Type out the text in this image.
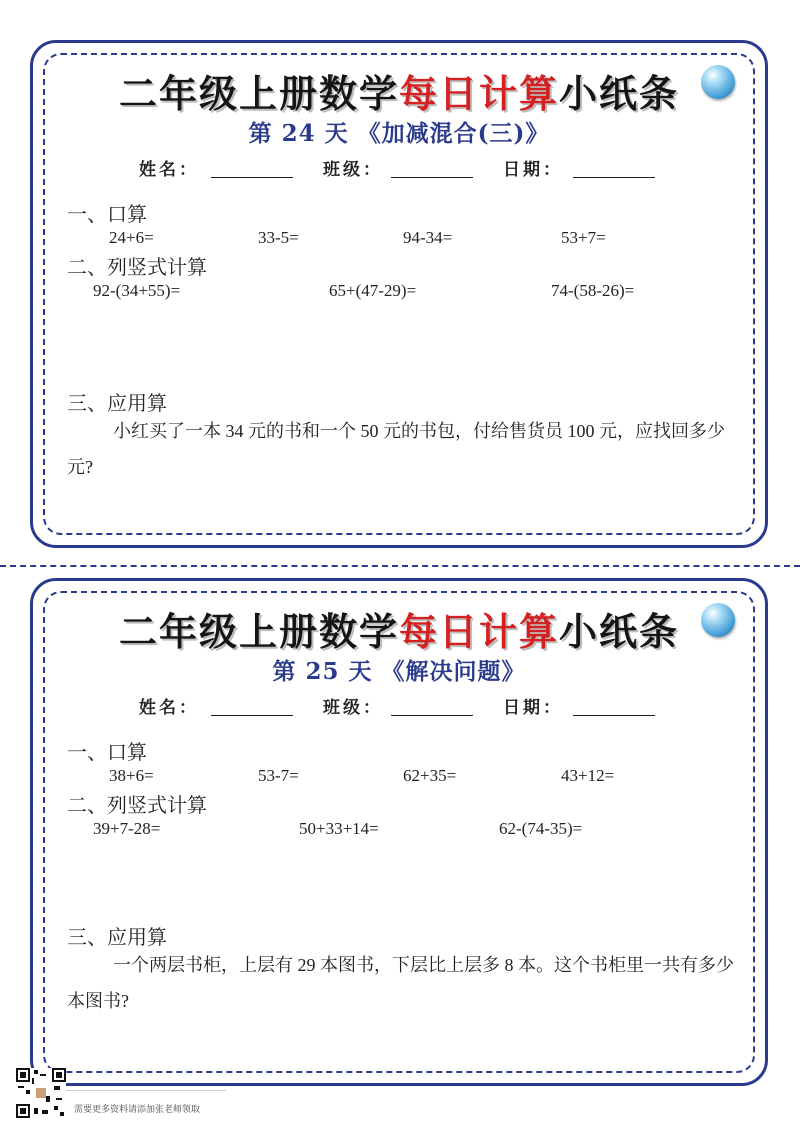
二年级上册数学每日计算小纸条
第 24 天 《加减混合(三)》
姓名：	班级：	日期：
一、口算
24+6=	33-5=	94-34=	53+7=
二、列竖式计算
92-(34+55)=	65+(47-29)=	74-(58-26)=
三、应用算
小红买了一本 34 元的书和一个 50 元的书包，付给售货员 100 元，应找回多少元?
二年级上册数学每日计算小纸条
第 25 天 《解决问题》
姓名：	班级：	日期：
一、口算
38+6=	53-7=	62+35=	43+12=
二、列竖式计算
39+7-28=	50+33+14=	62-(74-35)=
三、应用算
一个两层书柜，上层有 29 本图书，下层比上层多 8 本。这个书柜里一共有多少本图书?
需要更多资料请添加张老师领取
